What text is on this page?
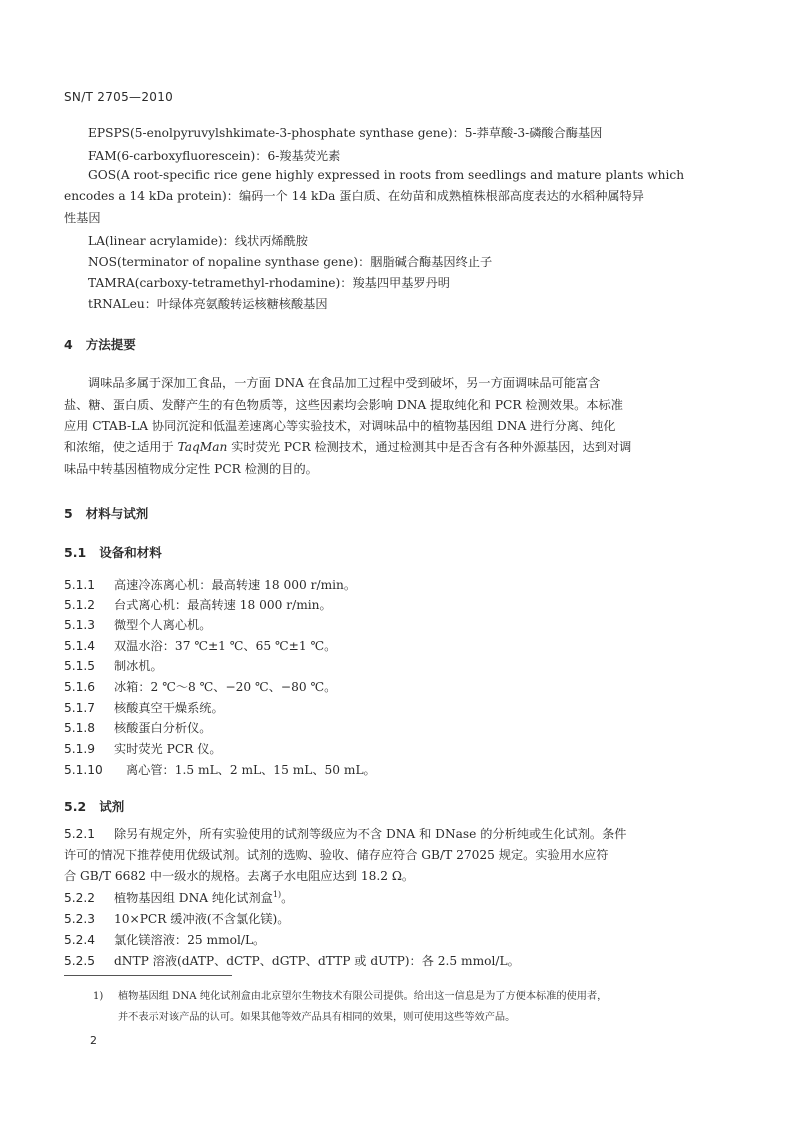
SN/T 2705—2010
EPSPS(5-enolpyruvylshkimate-3-phosphate synthase gene)：5-莽草酸-3-磷酸合酶基因
FAM(6-carboxyfluorescein)：6-羧基荧光素
GOS(A root-specific rice gene highly expressed in roots from seedlings and mature plants which
encodes a 14 kDa protein)：编码一个 14 kDa 蛋白质、在幼苗和成熟植株根部高度表达的水稻种属特异
性基因
LA(linear acrylamide)：线状丙烯酰胺
NOS(terminator of nopaline synthase gene)：胭脂碱合酶基因终止子
TAMRA(carboxy-tetramethyl-rhodamine)：羧基四甲基罗丹明
tRNALeu：叶绿体亮氨酸转运核糖核酸基因
4 方法提要
调味品多属于深加工食品，一方面 DNA 在食品加工过程中受到破坏，另一方面调味品可能富含
盐、糖、蛋白质、发酵产生的有色物质等，这些因素均会影响 DNA 提取纯化和 PCR 检测效果。本标准
应用 CTAB-LA 协同沉淀和低温差速离心等实验技术，对调味品中的植物基因组 DNA 进行分离、纯化
和浓缩，使之适用于 TaqMan 实时荧光 PCR 检测技术，通过检测其中是否含有各种外源基因，达到对调
味品中转基因植物成分定性 PCR 检测的目的。
5 材料与试剂
5.1 设备和材料
5.1.1 高速冷冻离心机：最高转速 18 000 r/min。
5.1.2 台式离心机：最高转速 18 000 r/min。
5.1.3 微型个人离心机。
5.1.4 双温水浴：37 ℃±1 ℃、65 ℃±1 ℃。
5.1.5 制冰机。
5.1.6 冰箱：2 ℃～8 ℃、−20 ℃、−80 ℃。
5.1.7 核酸真空干燥系统。
5.1.8 核酸蛋白分析仪。
5.1.9 实时荧光 PCR 仪。
5.1.10 离心管：1.5 mL、2 mL、15 mL、50 mL。
5.2 试剂
5.2.1 除另有规定外，所有实验使用的试剂等级应为不含 DNA 和 DNase 的分析纯或生化试剂。条件
许可的情况下推荐使用优级试剂。试剂的选购、验收、储存应符合 GB/T 27025 规定。实验用水应符
合 GB/T 6682 中一级水的规格。去离子水电阻应达到 18.2 Ω。
5.2.2 植物基因组 DNA 纯化试剂盒$^{1)}$。
5.2.3 10×PCR 缓冲液(不含氯化镁)。
5.2.4 氯化镁溶液：25 mmol/L。
5.2.5 dNTP 溶液(dATP、dCTP、dGTP、dTTP 或 dUTP)：各 2.5 mmol/L。
1) 植物基因组 DNA 纯化试剂盒由北京望尔生物技术有限公司提供。给出这一信息是为了方便本标准的使用者，
并不表示对该产品的认可。如果其他等效产品具有相同的效果，则可使用这些等效产品。
2
